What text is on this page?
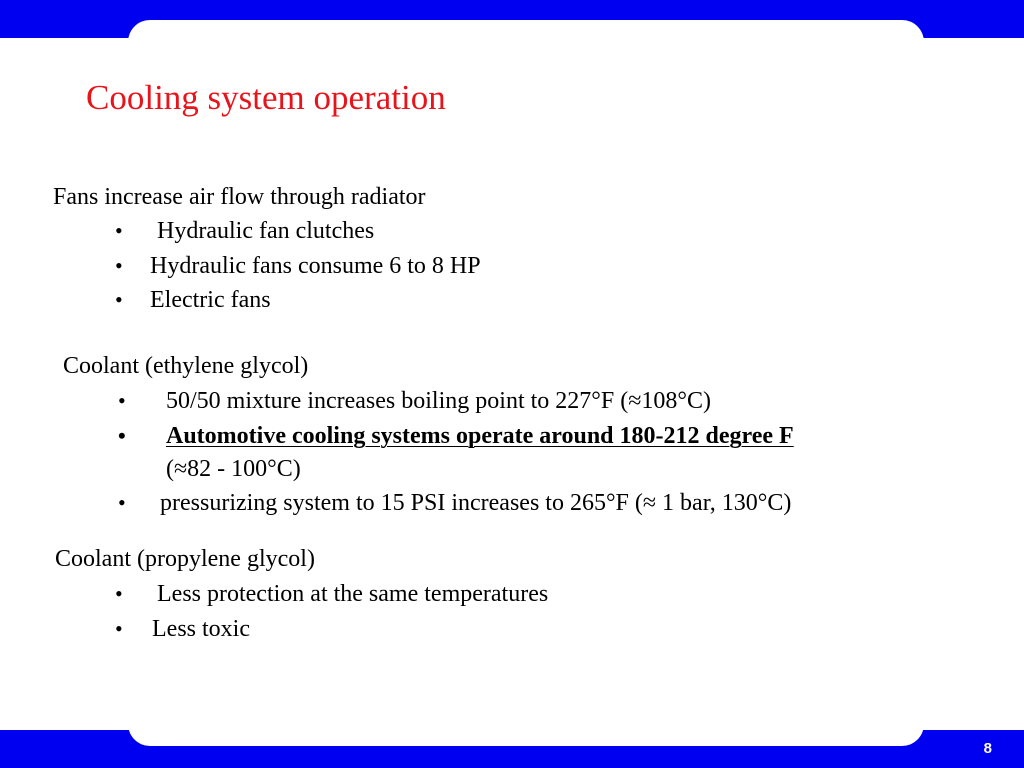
Cooling system operation
Fans increase air flow through radiator
• Hydraulic fan clutches
• Hydraulic fans consume 6 to 8 HP
• Electric fans
Coolant (ethylene glycol)
• 50/50 mixture increases boiling point to 227°F (≈108°C)
• Automotive cooling systems operate around 180-212 degree F
(≈82 - 100°C)
• pressurizing system to 15 PSI increases to 265°F (≈ 1 bar, 130°C)
Coolant (propylene glycol)
• Less protection at the same temperatures
• Less toxic
8
